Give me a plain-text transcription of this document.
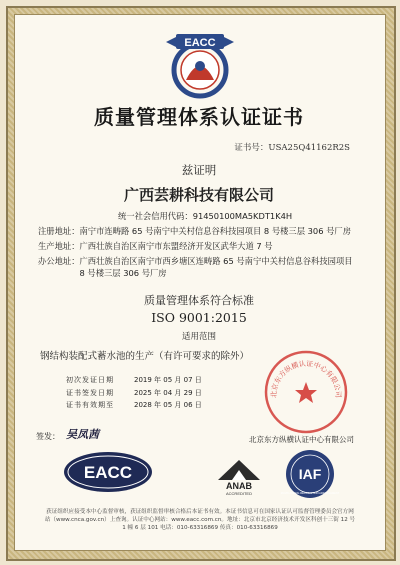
EACC
质量管理体系认证证书
证书号：USA25Q41162R2S
兹证明
广西芸耕科技有限公司
统一社会信用代码： 91450100MA5KDT1K4H
注册地址： 南宁市连畴路 65 号南宁中关村信息谷科技园项目 8 号楼三层 306 号厂房
生产地址： 广西壮族自治区南宁市东盟经济开发区武华大道 7 号
办公地址： 广西壮族自治区南宁市西乡塘区连畴路 65 号南宁中关村信息谷科技园项目 8 号楼三层 306 号厂房
质量管理体系符合标准
ISO 9001:2015
适用范围
钢结构装配式蓄水池的生产（有许可要求的除外）
初次发证日期	2019 年 05 月 07 日
证书签发日期	2025 年 04 月 29 日
证书有效期至	2028 年 05 月 06 日
北京东方纵横认证中心有限公司
签发： 吴凤茜	北京东方纵横认证中心有限公司
EACC
ANAB
ACCREDITED
IAF
MULTILATERAL RECOGNITION ARRANGEMENT
获证组织应接受本中心监督审核，获证组织监督审核合格后本证书有效。本证书信息可在国家认证认可监督管理委员会官方网站（www.cnca.gov.cn）上查询。认证中心网站：www.eacc.com.cn。地址：北京市北京经济技术开发区科创十三街 12 号 1 幢 6 层 101 电话：010-63316869 传真：010-63316869
